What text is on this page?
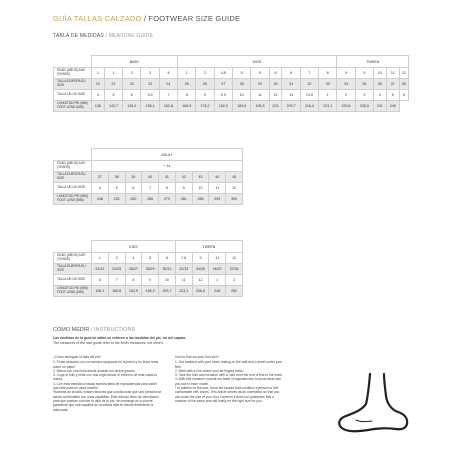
GUÍA TALLAS CALZADO / FOOTWEAR SIZE GUIDE
TABLA DE MEDIDAS / MEASURE GUIDE
	BABY					KIDS									TWEEN				
EDAD (AÑOS) AGE (YEARS)	1	1	2	3	4	1	3	4-5	5	5	6	6	7	8	9	9	10	11	12
TALLA EUROPA EU SIZE	20	21	22	23	24	25	26	27	28	29	30	31	32	33	34	35	36	37	38
TALLA UK UK SIZE	4	5	6	6.5	7	8	9	9.5	10	11	12	13	13.5	1	2	3	4	5	6
LONGITUD PIE (MM) FOOT LENG (MM)	136	142,7	149,4	156,1	162,8	169,5	176,2	182,9	189,6	196,3	203	209,7	216,4	223,1	229,8	236,5	241	246	
	ADULT								
EDAD (AÑOS) AGE (YEARS)	+ 14								
TALLA EUROPA EU SIZE	37	38	39	40	41	42	43	44	45
TALLA UK UK SIZE	4	5	6	7	8	9	10	11	12
LONGITUD PIE (MM) FOOT LENG (MM)	246	252	260	266	273	281	286	293	300
	KIDS					TWEEN			
EDAD (AÑOS) AGE (YEARS)	1	3	4	5	6	7-8	9	11	12
TALLA EUROPA EU SIZE	22/23	24/25	26/27	28/29	30/31	32/33	34/35	36/37	37/38
TALLA UK UK SIZE	6	7	8	9	10	11	12	1	2
LONGITUD PIE (MM) FOOT LENG (MM)	156,1	169,5	182,9	196,3	209,7	223,1	236,5	246	252
CÓMO MEDIR / INSTRUCTIONS
Las medidas de la guía de tallas se refieren a las medidas del pie, no del zapato.
The measures of the size guide refer to the foot's measures, not shoe's.

¿Cómo averiguar la talla del pie?

1. Ponte descalzo con los talones apoyados en la pared y en línea recta sobre un papel.

2. Marca con una línea donde acaban tus dedos gordos.

3. Coge el folio y mide con una regla desde el extremo de este hasta la marca.

4. Con esta medida consulta nuestra tabla de equivalencias para saber que talla usas en cada modelo.

*Además de la talla, existen factores que condicionan que una persona se sienta comfortable con unas zapatillas. Este artículo tiene de orientación para que puedas conocer la talla de tu pie, sin embargo en lo puede garantizar que una zapatilla de la misma talla te resulte finalmente la adecuada.

How to find out your foot size?

1. Get barefoot with your heels resting on the wall and a sheet under your feet.

2. Mark with a line where your fat fingers finish.

3. Take the folio and measure with a ruler from the end of this to the mark.

4. With this measure consult our table of equivalences to know what size you use in each model.

* In addition to the size, there are factors that condition a person to feel comfortable with shoes. This article serves as an orientation so that you can know the size of your foot, however it does not guarantee that a sneaker of the same size will finally be the right size for you.
